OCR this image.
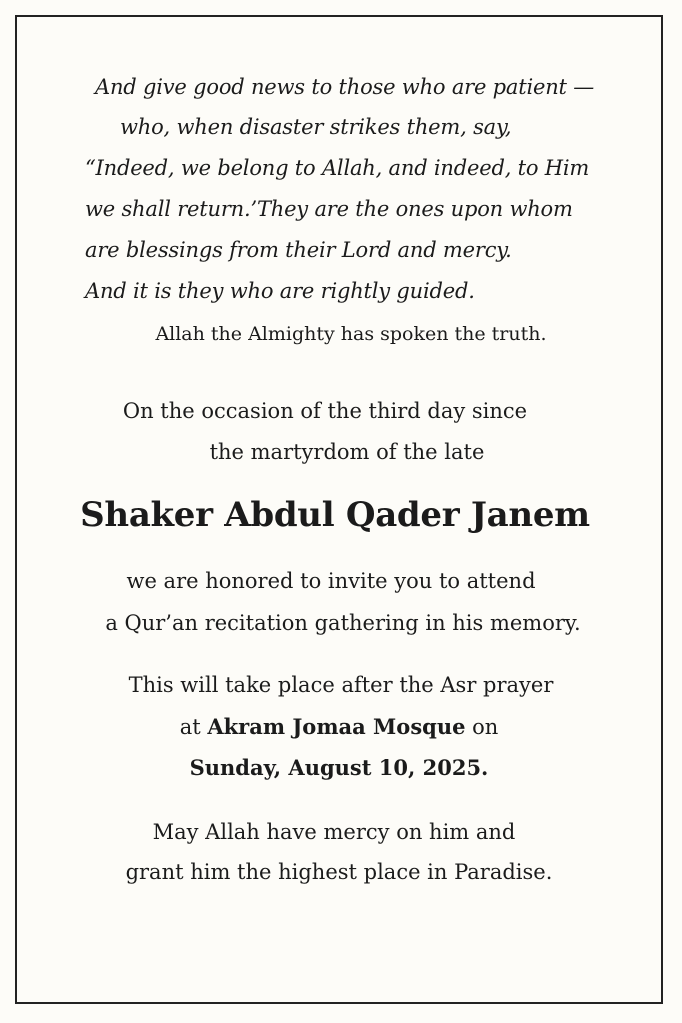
And give good news to those who are patient —

who, when disaster strikes them, say,

“Indeed, we belong to Allah, and indeed, to Him

we shall return.’They are the ones upon whom

are blessings from their Lord and mercy.

And it is they who are rightly guided.

Allah the Almighty has spoken the truth.

On the occasion of the third day since

the martyrdom of the late

Shaker Abdul Qader Janem

we are honored to invite you to attend

a Qur’an recitation gathering in his memory.

This will take place after the Asr prayer

at Akram Jomaa Mosque on

Sunday, August 10, 2025.

May Allah have mercy on him and

grant him the highest place in Paradise.
